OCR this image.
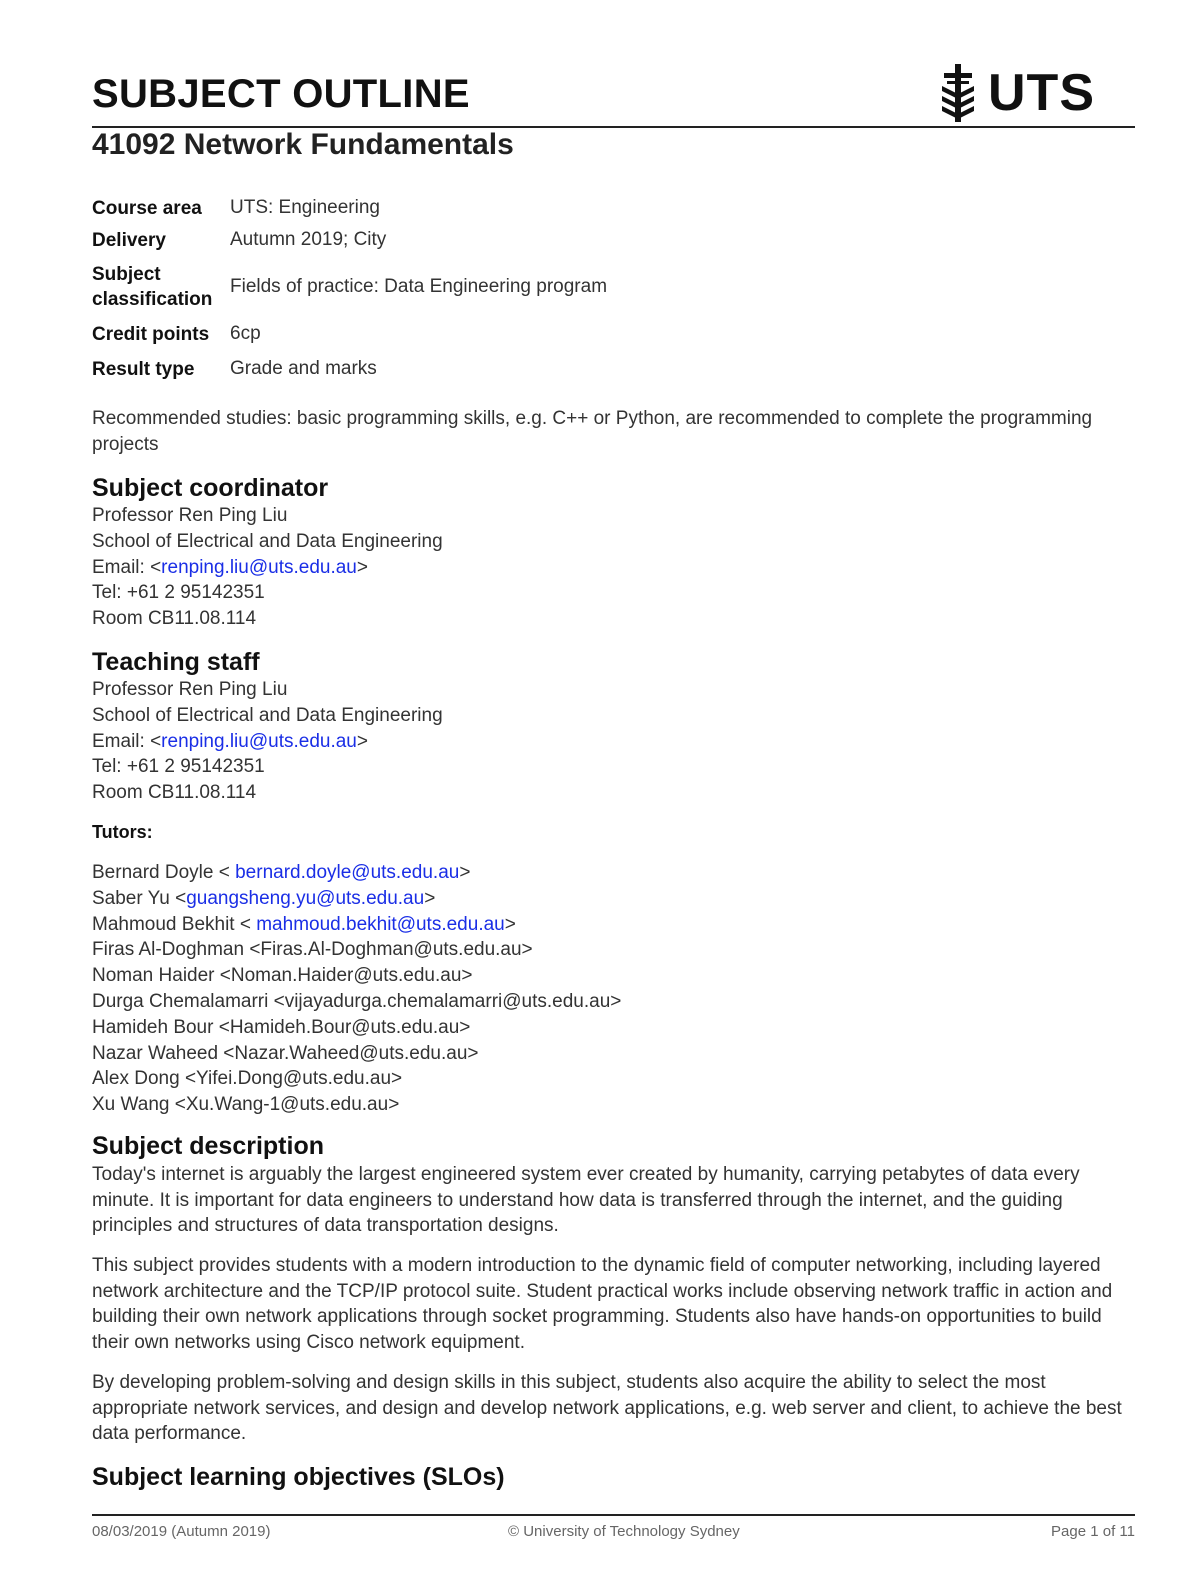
SUBJECT OUTLINE	UTS
41092 Network Fundamentals
Course area	UTS: Engineering
Delivery	Autumn 2019; City
Subject classification	Fields of practice: Data Engineering program
Credit points	6cp
Result type	Grade and marks

Recommended studies: basic programming skills, e.g. C++ or Python, are recommended to complete the programming projects

Subject coordinator
Professor Ren Ping Liu
School of Electrical and Data Engineering
Email: <renping.liu@uts.edu.au>
Tel: +61 2 95142351
Room CB11.08.114
Teaching staff
Professor Ren Ping Liu
School of Electrical and Data Engineering
Email: <renping.liu@uts.edu.au>
Tel: +61 2 95142351
Room CB11.08.114
Tutors:
Bernard Doyle < bernard.doyle@uts.edu.au>
Saber Yu <guangsheng.yu@uts.edu.au>
Mahmoud Bekhit < mahmoud.bekhit@uts.edu.au>
Firas Al-Doghman <Firas.Al-Doghman@uts.edu.au>
Noman Haider <Noman.Haider@uts.edu.au>
Durga Chemalamarri <vijayadurga.chemalamarri@uts.edu.au>
Hamideh Bour <Hamideh.Bour@uts.edu.au>
Nazar Waheed <Nazar.Waheed@uts.edu.au>
Alex Dong <Yifei.Dong@uts.edu.au>
Xu Wang <Xu.Wang-1@uts.edu.au>
Subject description

Today's internet is arguably the largest engineered system ever created by humanity, carrying petabytes of data every minute. It is important for data engineers to understand how data is transferred through the internet, and the guiding principles and structures of data transportation designs.

This subject provides students with a modern introduction to the dynamic field of computer networking, including layered network architecture and the TCP/IP protocol suite. Student practical works include observing network traffic in action and building their own network applications through socket programming. Students also have hands-on opportunities to build their own networks using Cisco network equipment.

By developing problem-solving and design skills in this subject, students also acquire the ability to select the most appropriate network services, and design and develop network applications, e.g. web server and client, to achieve the best data performance.

Subject learning objectives (SLOs)
08/03/2019 (Autumn 2019)	© University of Technology Sydney	Page 1 of 11
